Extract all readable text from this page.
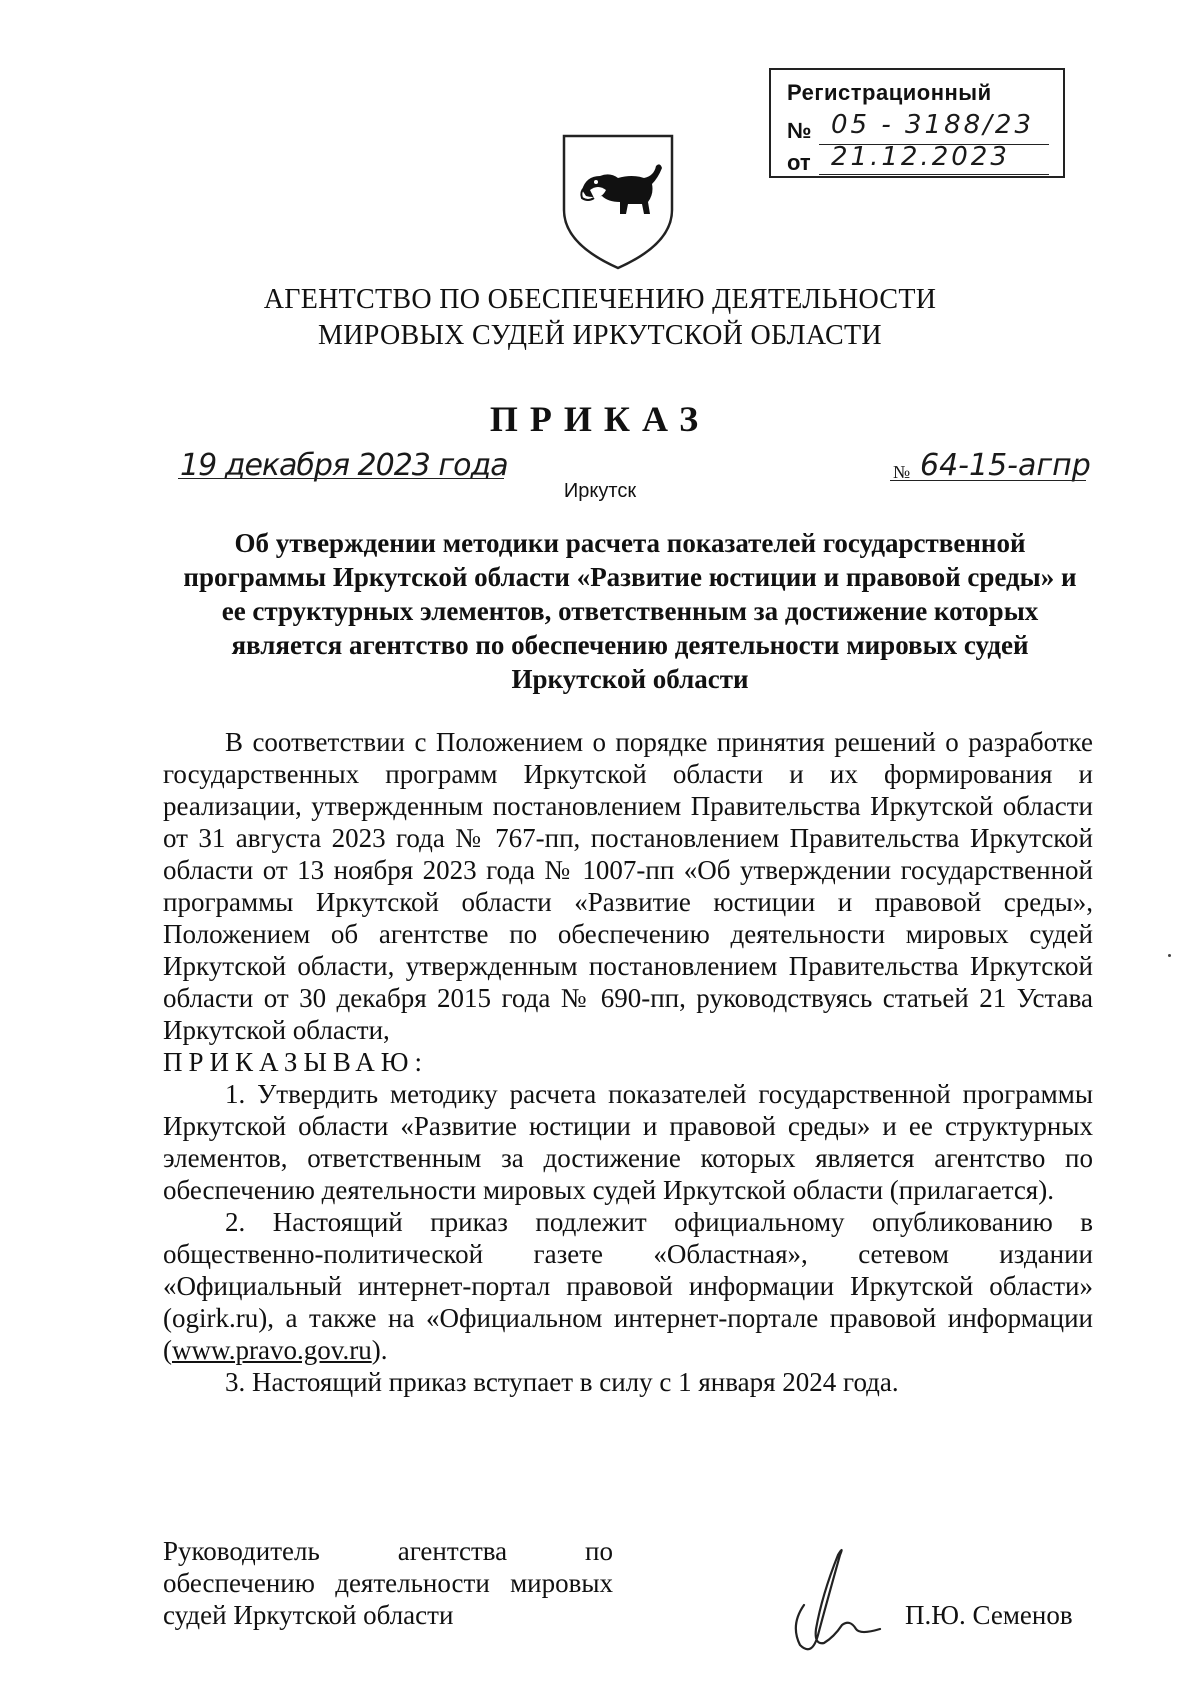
Регистрационный
№ 05 - 3188/23
от 21.12.2023
АГЕНТСТВО ПО ОБЕСПЕЧЕНИЮ ДЕЯТЕЛЬНОСТИ
МИРОВЫХ СУДЕЙ ИРКУТСКОЙ ОБЛАСТИ
ПРИКАЗ
19 декабря 2023 года	№ 64-15-агпр
Иркутск
Об утверждении методики расчета показателей государственной программы Иркутской области «Развитие юстиции и правовой среды» и ее структурных элементов, ответственным за достижение которых является агентство по обеспечению деятельности мировых судей Иркутской области

В соответствии с Положением о порядке принятия решений о разработке государственных программ Иркутской области и их формирования и реализации, утвержденным постановлением Правительства Иркутской области от 31 августа 2023 года № 767-пп, постановлением Правительства Иркутской области от 13 ноября 2023 года № 1007-пп «Об утверждении государственной программы Иркутской области «Развитие юстиции и правовой среды», Положением об агентстве по обеспечению деятельности мировых судей Иркутской области, утвержденным постановлением Правительства Иркутской области от 30 декабря 2015 года № 690-пп, руководствуясь статьей 21 Устава Иркутской области,

ПРИКАЗЫВАЮ:

1. Утвердить методику расчета показателей государственной программы Иркутской области «Развитие юстиции и правовой среды» и ее структурных элементов, ответственным за достижение которых является агентство по обеспечению деятельности мировых судей Иркутской области (прилагается).

2. Настоящий приказ подлежит официальному опубликованию в общественно-политической газете «Областная», сетевом издании «Официальный интернет-портал правовой информации Иркутской области» (ogirk.ru), а также на «Официальном интернет-портале правовой информации (www.pravo.gov.ru).

3. Настоящий приказ вступает в силу с 1 января 2024 года.

Руководитель агентства по

обеспечению деятельности мировых

судей Иркутской области	П.Ю. Семенов
